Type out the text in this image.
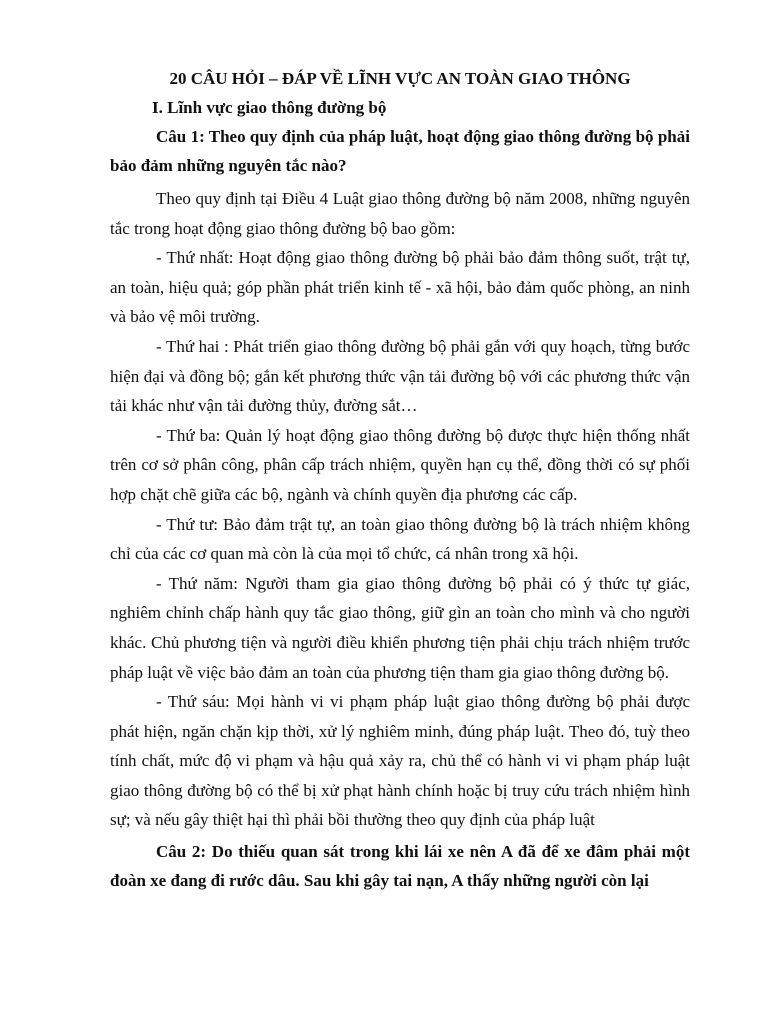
20 CÂU HỎI – ĐÁP VỀ LĨNH VỰC AN TOÀN GIAO THÔNG

I. Lĩnh vực giao thông đường bộ

Câu 1: Theo quy định của pháp luật, hoạt động giao thông đường bộ phải bảo đảm những nguyên tắc nào?

Theo quy định tại Điều 4 Luật giao thông đường bộ năm 2008, những nguyên tắc trong hoạt động giao thông đường bộ bao gồm:

- Thứ nhất: Hoạt động giao thông đường bộ phải bảo đảm thông suốt, trật tự, an toàn, hiệu quả; góp phần phát triển kinh tế - xã hội, bảo đảm quốc phòng, an ninh và bảo vệ môi trường.

- Thứ hai : Phát triển giao thông đường bộ phải gắn với quy hoạch, từng bước hiện đại và đồng bộ; gắn kết phương thức vận tải đường bộ với các phương thức vận tải khác như vận tải đường thủy, đường sắt…

- Thứ ba: Quản lý hoạt động giao thông đường bộ được thực hiện thống nhất trên cơ sở phân công, phân cấp trách nhiệm, quyền hạn cụ thể, đồng thời có sự phối hợp chặt chẽ giữa các bộ, ngành và chính quyền địa phương các cấp.

- Thứ tư: Bảo đảm trật tự, an toàn giao thông đường bộ là trách nhiệm không chỉ của các cơ quan mà còn là của mọi tổ chức, cá nhân trong xã hội.

- Thứ năm: Người tham gia giao thông đường bộ phải có ý thức tự giác, nghiêm chỉnh chấp hành quy tắc giao thông, giữ gìn an toàn cho mình và cho người khác. Chủ phương tiện và người điều khiển phương tiện phải chịu trách nhiệm trước pháp luật về việc bảo đảm an toàn của phương tiện tham gia giao thông đường bộ.

- Thứ sáu: Mọi hành vi vi phạm pháp luật giao thông đường bộ phải được phát hiện, ngăn chặn kịp thời, xử lý nghiêm minh, đúng pháp luật. Theo đó, tuỳ theo tính chất, mức độ vi phạm và hậu quả xảy ra, chủ thể có hành vi vi phạm pháp luật giao thông đường bộ có thể bị xử phạt hành chính hoặc bị truy cứu trách nhiệm hình sự; và nếu gây thiệt hại thì phải bồi thường theo quy định của pháp luật

Câu 2: Do thiếu quan sát trong khi lái xe nên A đã để xe đâm phải một đoàn xe đang đi rước dâu. Sau khi gây tai nạn, A thấy những người còn lại
